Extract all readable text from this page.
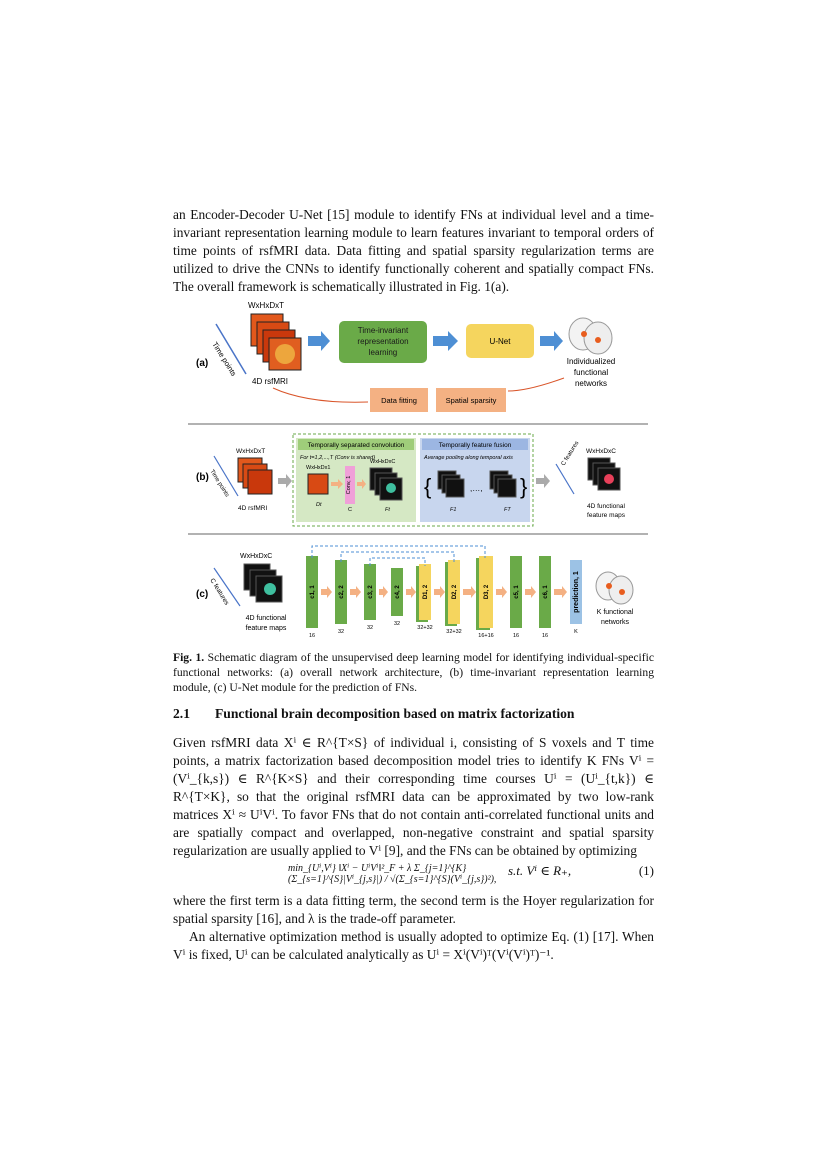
an Encoder-Decoder U-Net [15] module to identify FNs at individual level and a time-invariant representation learning module to learn features invariant to temporal orders of time points of rsfMRI data. Data fitting and spatial sparsity regularization terms are utilized to drive the CNNs to identify functionally coherent and spatially compact FNs. The overall framework is schematically illustrated in Fig. 1(a).

(a)
WxHxDxT
Time points
4D rsfMRI
Time-invariant
representation
learning
U-Net
Individualized
functional
networks
Data fitting	Spatial sparsity
(b)
WxHxDxT
Time points
4D rsfMRI
Temporally separated convolution
For t=1,2,...,T (Conv is shared)
WxHxDx1
Dt
Conv, 1
C
WxHxDxC
Ft
Temporally feature fusion
Average pooling along temporal axis
{
F1
,…,
FT
}
WxHxDxC
C features
4D functional
feature maps
(c)
WxHxDxC
C features
4D functional
feature maps
c1, 1
16
c2, 2
32
c3, 2
32
c4, 2
32
D1, 2
32+32
D2, 2
32+32
D3, 2
16+16
c5, 1
16
c6, 1
16
prediction, 1
K
K functional
networks

Fig. 1. Schematic diagram of the unsupervised deep learning model for identifying individual-specific functional networks: (a) overall network architecture, (b) time-invariant representation learning module, (c) U-Net module for the prediction of FNs.

2.1 Functional brain decomposition based on matrix factorization

Given rsfMRI data Xⁱ ∈ R^{T×S} of individual i, consisting of S voxels and T time points, a matrix factorization based decomposition model tries to identify K FNs Vⁱ = (Vⁱ_{k,s}) ∈ R^{K×S} and their corresponding time courses Uⁱ = (Uⁱ_{t,k}) ∈ R^{T×K}, so that the original rsfMRI data can be approximated by two low-rank matrices Xⁱ ≈ UⁱVⁱ. To favor FNs that do not contain anti-correlated functional units and are spatially compact and overlapped, non-negative constraint and spatial sparsity regularization are usually applied to Vⁱ [9], and the FNs can be obtained by optimizing

min_{Uⁱ,Vⁱ} ‖Xⁱ − UⁱVⁱ‖²_F + λ Σ_{j=1}^{K} (Σ_{s=1}^{S}|Vⁱ_{j,s}|) / √(Σ_{s=1}^{S}(Vⁱ_{j,s})²),
s.t. Vⁱ ∈ R₊,	(1)

where the first term is a data fitting term, the second term is the Hoyer regularization for spatial sparsity [16], and λ is the trade-off parameter.

An alternative optimization method is usually adopted to optimize Eq. (1) [17]. When Vⁱ is fixed, Uⁱ can be calculated analytically as Uⁱ = Xⁱ(Vⁱ)ᵀ(Vⁱ(Vⁱ)ᵀ)⁻¹.
